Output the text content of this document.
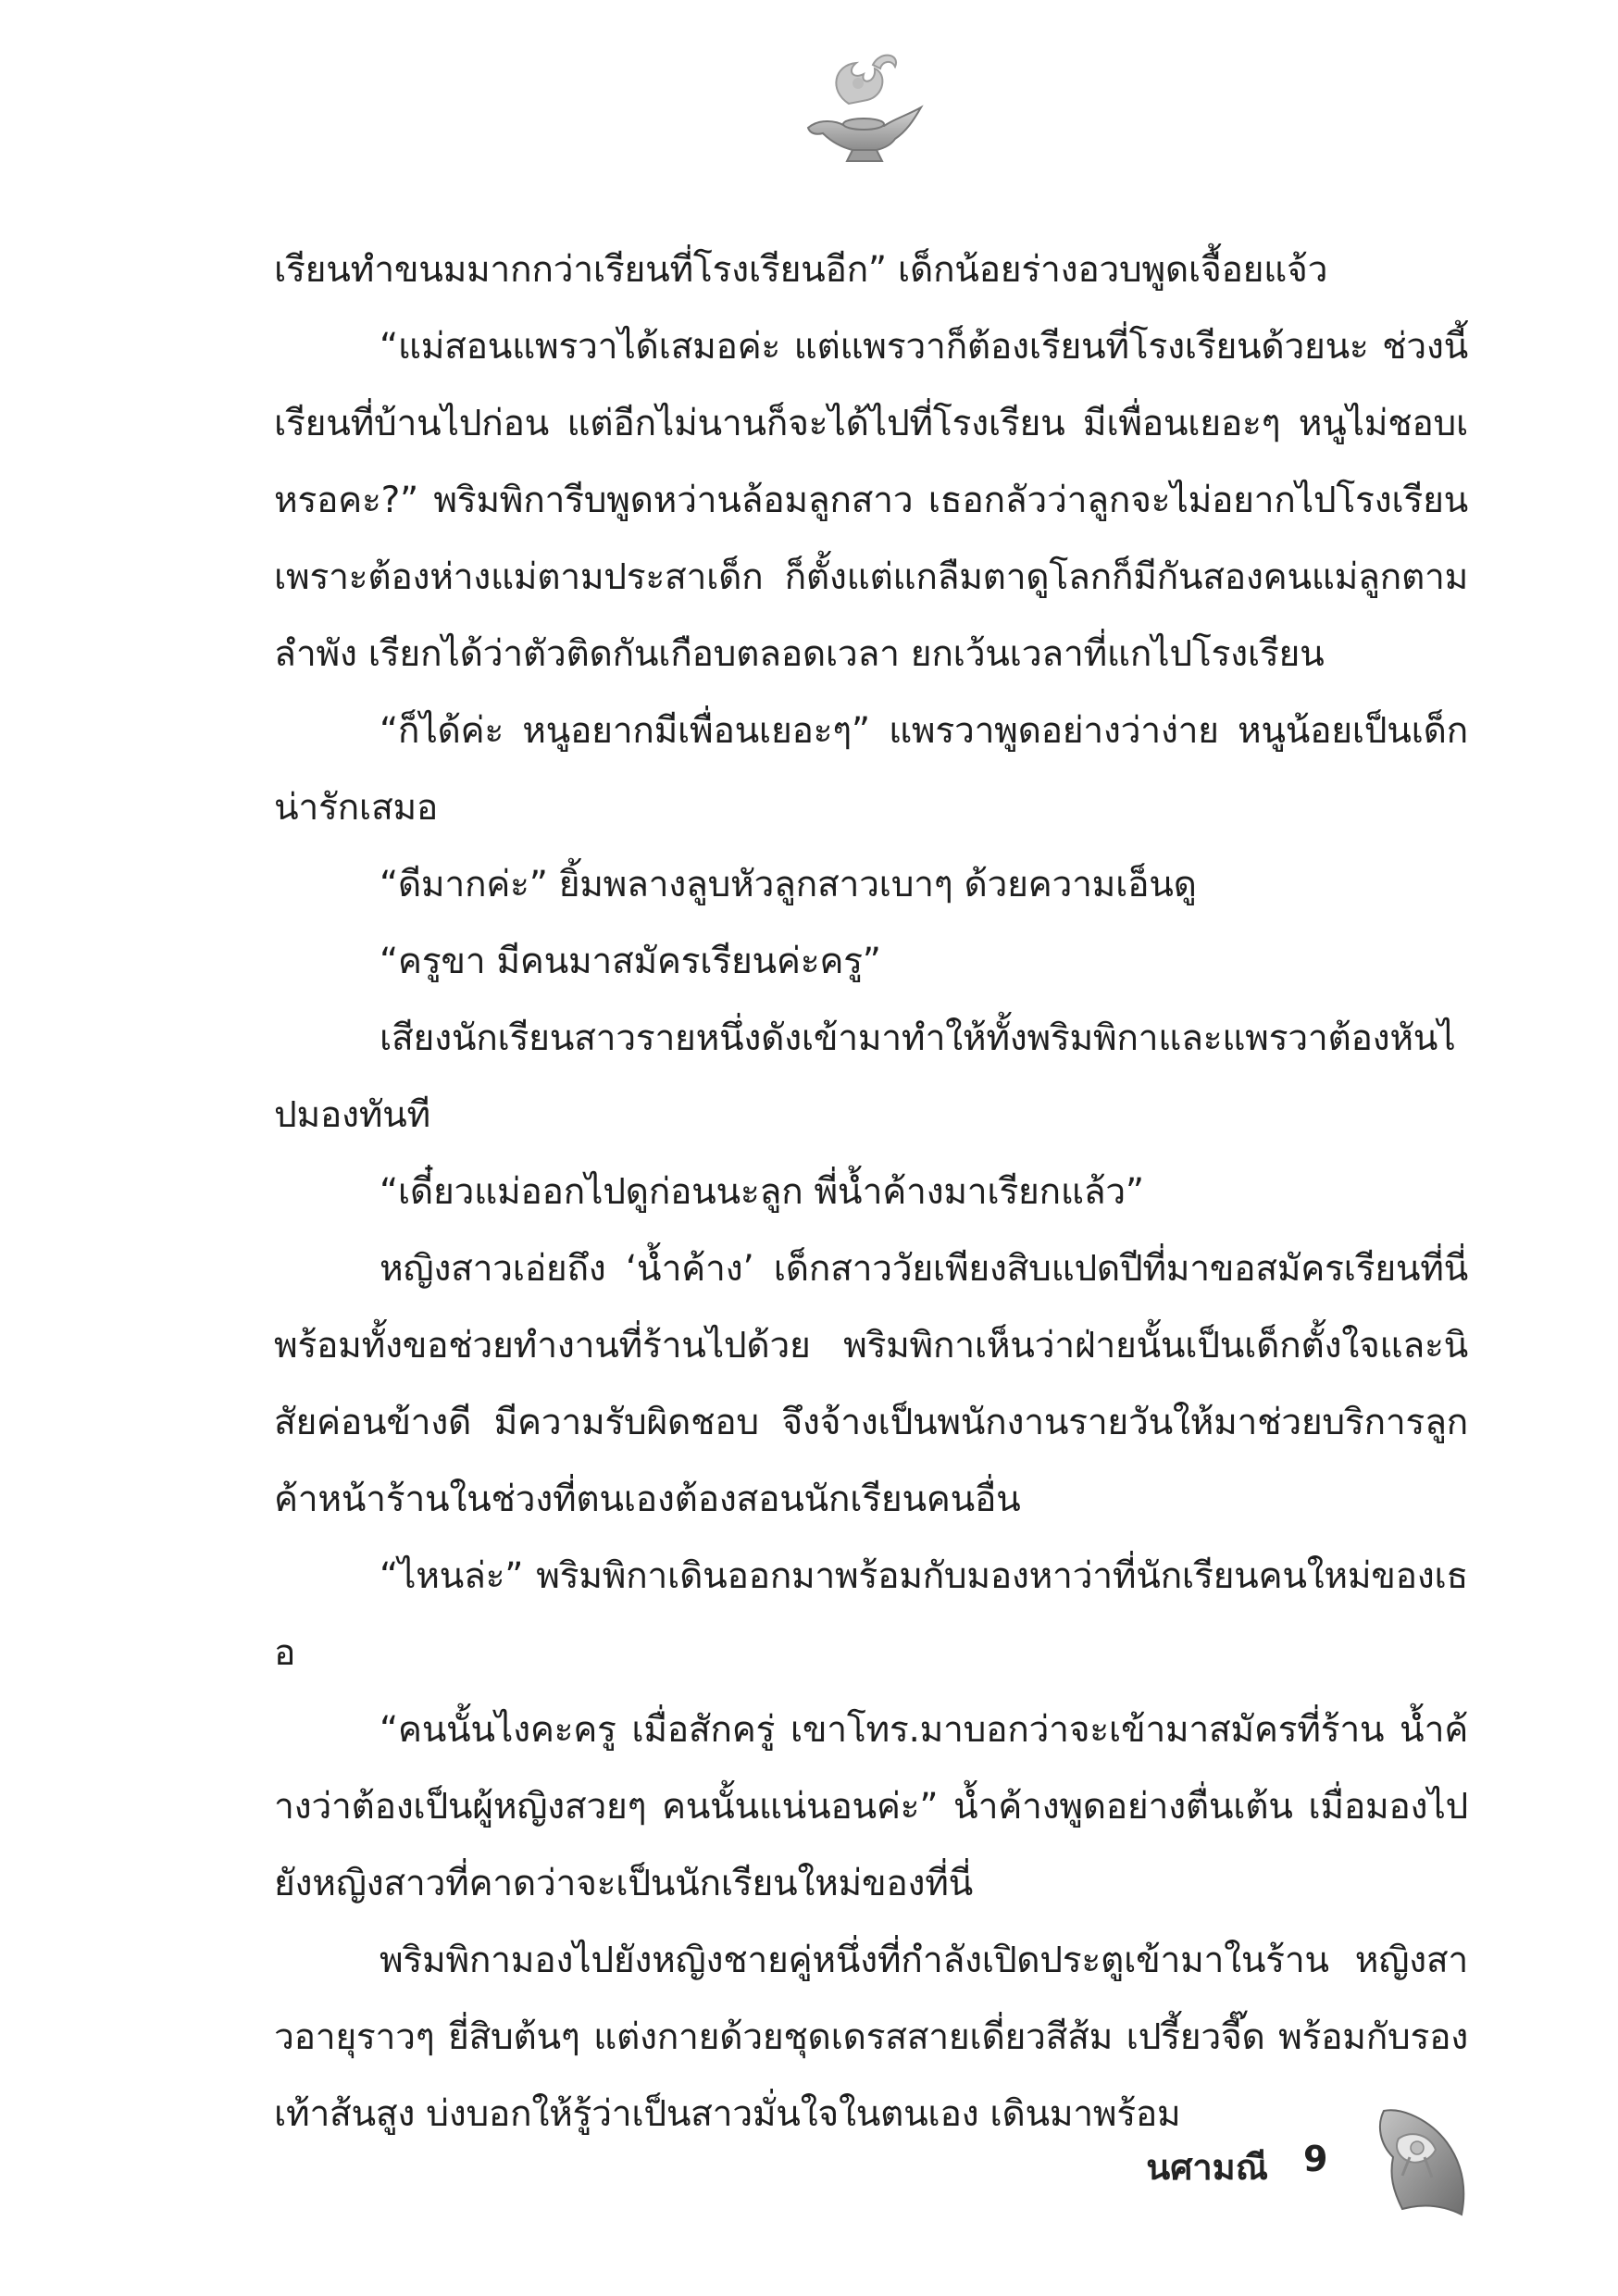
เรียนทำขนมมากกว่าเรียนที่โรงเรียนอีก” เด็กน้อยร่างอวบพูดเจื้อยแจ้ว

“แม่สอนแพรวาได้เสมอค่ะ แต่แพรวาก็ต้องเรียนที่โรงเรียนด้วยนะ ช่วงนี้เรียนที่บ้านไปก่อน แต่อีกไม่นานก็จะได้ไปที่โรงเรียน มีเพื่อนเยอะๆ หนูไม่ชอบเหรอคะ?” พริมพิการีบพูดหว่านล้อมลูกสาว เธอกลัวว่าลูกจะไม่อยากไปโรงเรียนเพราะต้องห่างแม่ตามประสาเด็ก ก็ตั้งแต่แกลืมตาดูโลกก็มีกันสองคนแม่ลูกตามลำพัง เรียกได้ว่าตัวติดกันเกือบตลอดเวลา ยกเว้นเวลาที่แกไปโรงเรียน

“ก็ได้ค่ะ หนูอยากมีเพื่อนเยอะๆ” แพรวาพูดอย่างว่าง่าย หนูน้อยเป็นเด็กน่ารักเสมอ

“ดีมากค่ะ” ยิ้มพลางลูบหัวลูกสาวเบาๆ ด้วยความเอ็นดู

“ครูขา มีคนมาสมัครเรียนค่ะครู”

เสียงนักเรียนสาวรายหนึ่งดังเข้ามาทำให้ทั้งพริมพิกาและแพรวาต้องหันไปมองทันที

“เดี๋ยวแม่ออกไปดูก่อนนะลูก พี่น้ำค้างมาเรียกแล้ว”

หญิงสาวเอ่ยถึง ‘น้ำค้าง’ เด็กสาววัยเพียงสิบแปดปีที่มาขอสมัครเรียนที่นี่พร้อมทั้งขอช่วยทำงานที่ร้านไปด้วย พริมพิกาเห็นว่าฝ่ายนั้นเป็นเด็กตั้งใจและนิสัยค่อนข้างดี มีความรับผิดชอบ จึงจ้างเป็นพนักงานรายวันให้มาช่วยบริการลูกค้าหน้าร้านในช่วงที่ตนเองต้องสอนนักเรียนคนอื่น

“ไหนล่ะ” พริมพิกาเดินออกมาพร้อมกับมองหาว่าที่นักเรียนคนใหม่ของเธอ

“คนนั้นไงคะครู เมื่อสักครู่ เขาโทร.มาบอกว่าจะเข้ามาสมัครที่ร้าน น้ำค้างว่าต้องเป็นผู้หญิงสวยๆ คนนั้นแน่นอนค่ะ” น้ำค้างพูดอย่างตื่นเต้น เมื่อมองไปยังหญิงสาวที่คาดว่าจะเป็นนักเรียนใหม่ของที่นี่

พริมพิกามองไปยังหญิงชายคู่หนึ่งที่กำลังเปิดประตูเข้ามาในร้าน หญิงสาวอายุราวๆ ยี่สิบต้นๆ แต่งกายด้วยชุดเดรสสายเดี่ยวสีส้ม เปรี้ยวจี๊ด พร้อมกับรองเท้าส้นสูง บ่งบอกให้รู้ว่าเป็นสาวมั่นใจในตนเอง เดินมาพร้อม

นศามณี 9
